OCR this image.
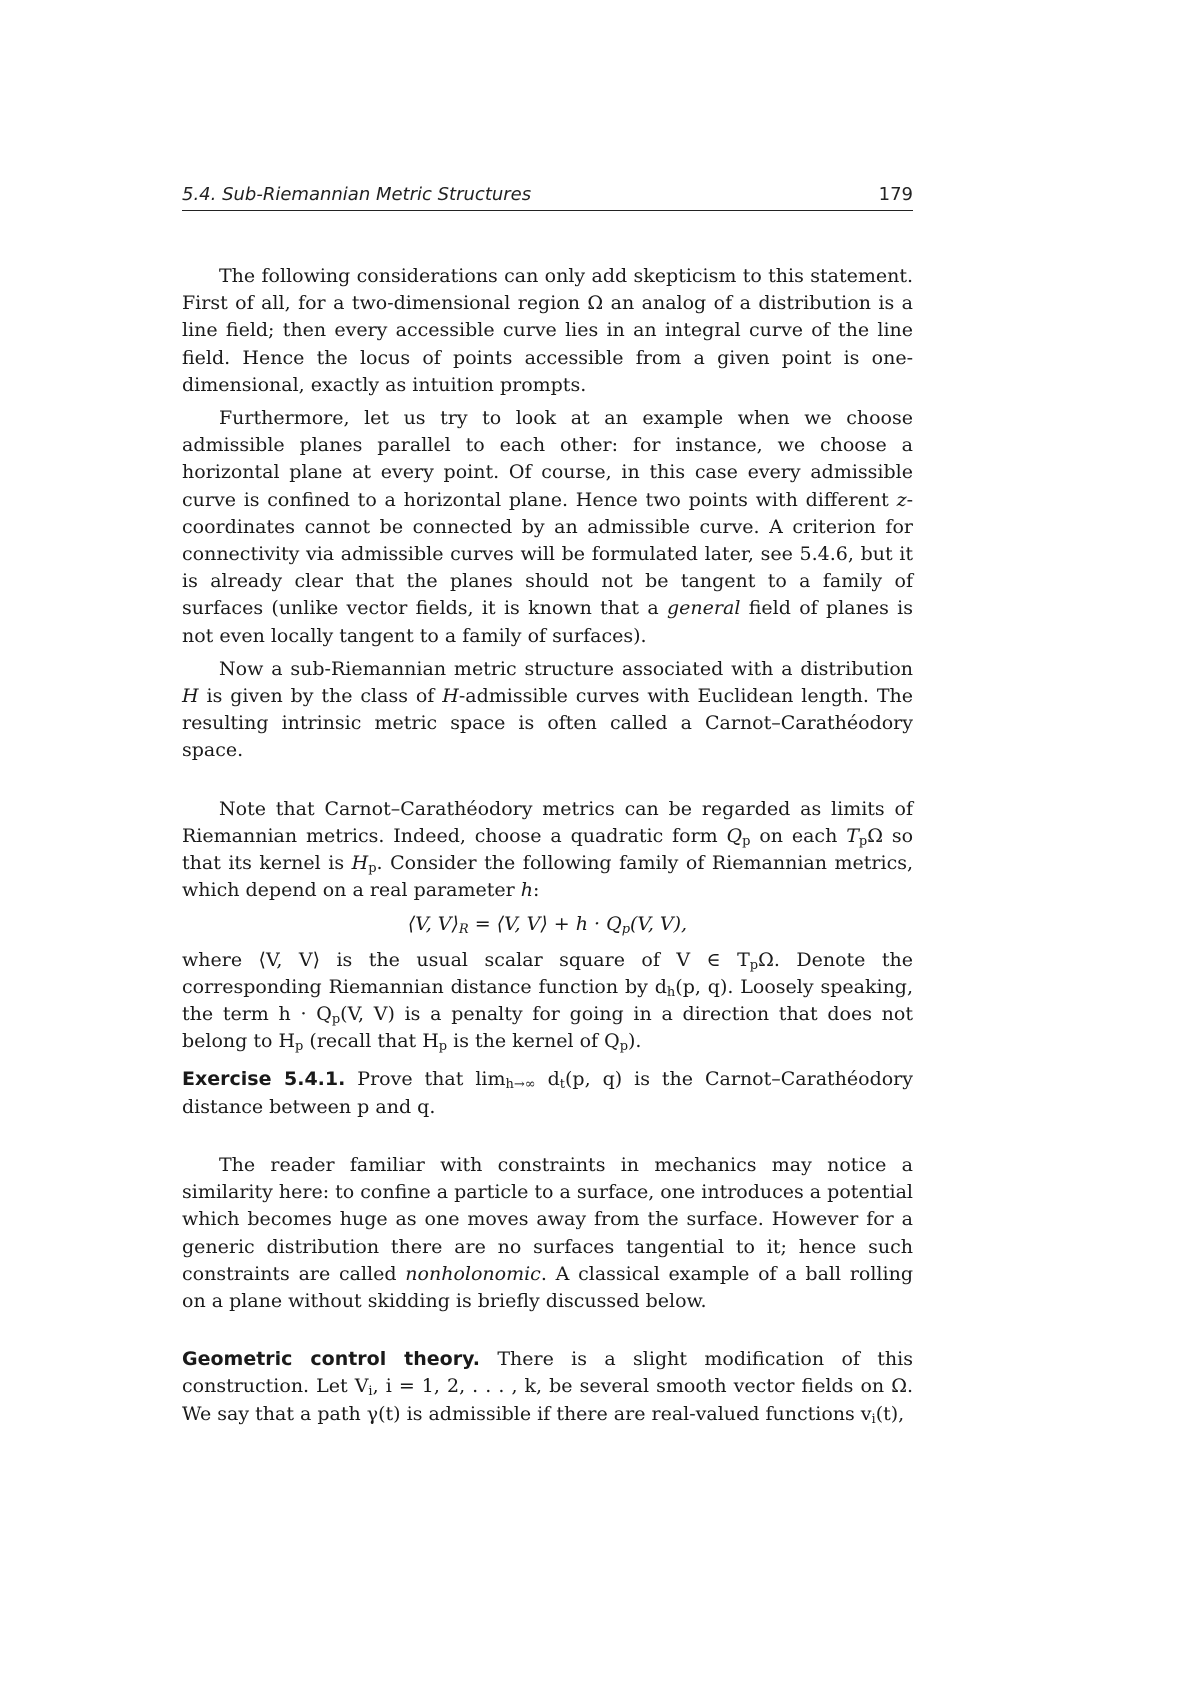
5.4. Sub-Riemannian Metric Structures	179

The following considerations can only add skepticism to this statement. First of all, for a two-dimensional region Ω an analog of a distribution is a line field; then every accessible curve lies in an integral curve of the line field. Hence the locus of points accessible from a given point is one-dimensional, exactly as intuition prompts.

Furthermore, let us try to look at an example when we choose admissible planes parallel to each other: for instance, we choose a horizontal plane at every point. Of course, in this case every admissible curve is confined to a horizontal plane. Hence two points with different z-coordinates cannot be connected by an admissible curve. A criterion for connectivity via admissible curves will be formulated later, see 5.4.6, but it is already clear that the planes should not be tangent to a family of surfaces (unlike vector fields, it is known that a general field of planes is not even locally tangent to a family of surfaces).

Now a sub-Riemannian metric structure associated with a distribution H is given by the class of H-admissible curves with Euclidean length. The resulting intrinsic metric space is often called a Carnot–Carathéodory space.

Note that Carnot–Carathéodory metrics can be regarded as limits of Riemannian metrics. Indeed, choose a quadratic form $Q_p$ on each $T_p\Omega$ so that its kernel is $H_p$. Consider the following family of Riemannian metrics, which depend on a real parameter h:

⟨V, $V⟩_R$ = ⟨V, V⟩ + $h \cdot Q_p(V$, V),

where ⟨V, V⟩ is the usual scalar square of V ∈ $T_p\Omega$. Denote the corresponding Riemannian distance function by $d_h(p$, q). Loosely speaking, the term $h \cdot Q_p(V$, V) is a penalty for going in a direction that does not belong to $H_p$ (recall that $H_p$ is the kernel of $Q_p$).

Exercise 5.4.1. Prove that $\lim_{h\to\infty} d_t(p$, q) is the Carnot–Carathéodory distance between p and q.

The reader familiar with constraints in mechanics may notice a similarity here: to confine a particle to a surface, one introduces a potential which becomes huge as one moves away from the surface. However for a generic distribution there are no surfaces tangential to it; hence such constraints are called nonholonomic. A classical example of a ball rolling on a plane without skidding is briefly discussed below.

Geometric control theory. There is a slight modification of this construction. Let $V_i$, i = 1, 2, . . . , k, be several smooth vector fields on Ω. We say that a path γ(t) is admissible if there are real-valued functions $v_i(t)$,
